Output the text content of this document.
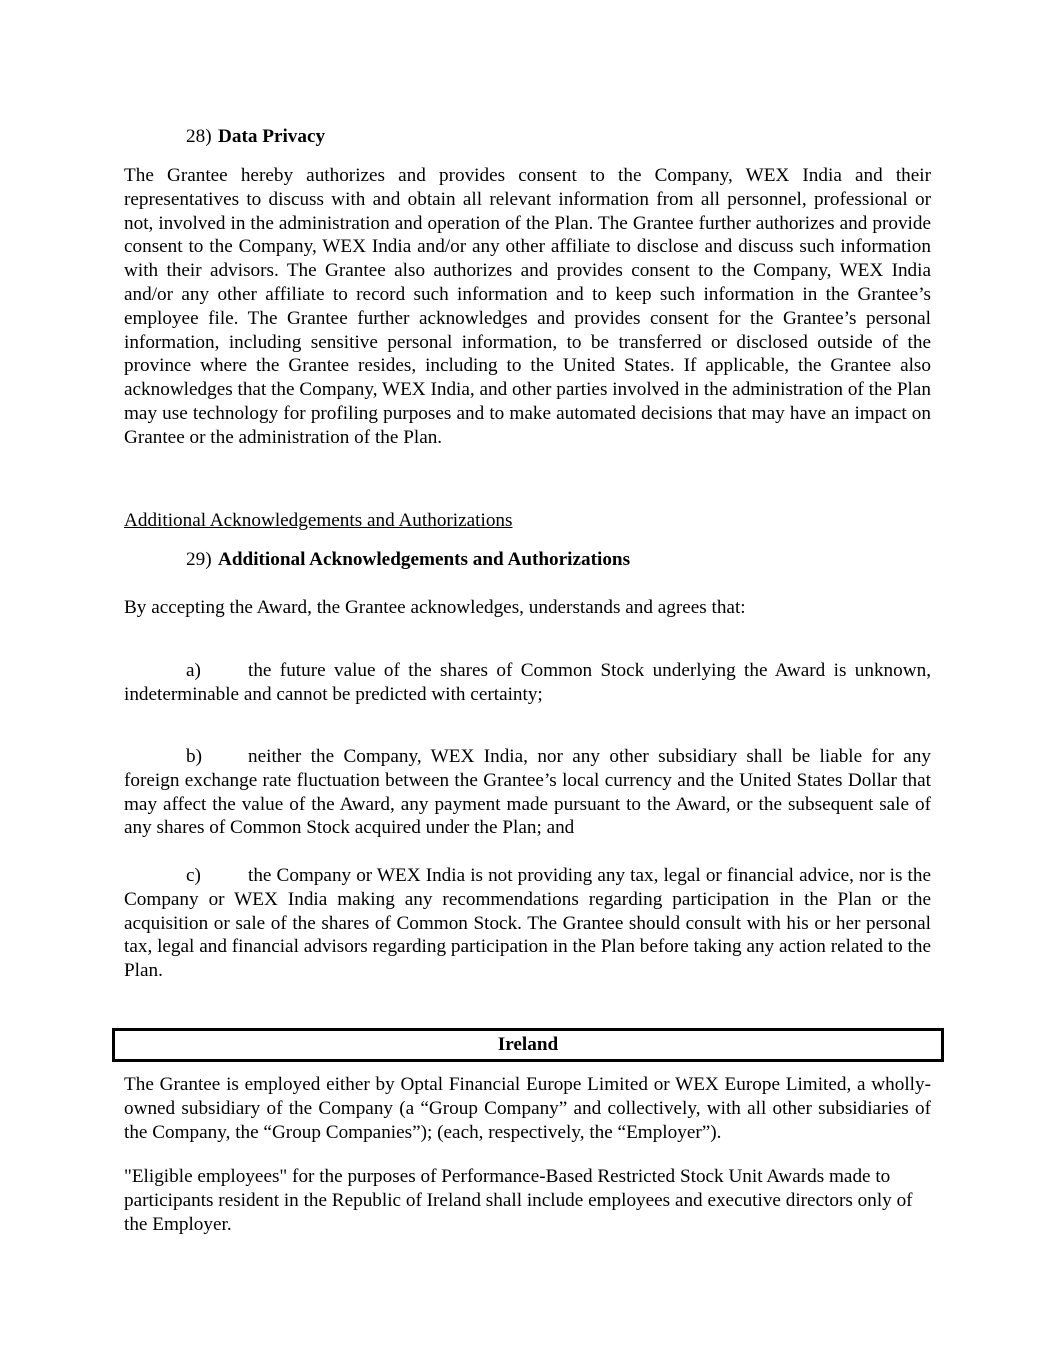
28) Data Privacy
The Grantee hereby authorizes and provides consent to the Company, WEX India and their representatives to discuss with and obtain all relevant information from all personnel, professional or not, involved in the administration and operation of the Plan. The Grantee further authorizes and provide consent to the Company, WEX India and/or any other affiliate to disclose and discuss such information with their advisors. The Grantee also authorizes and provides consent to the Company, WEX India and/or any other affiliate to record such information and to keep such information in the Grantee’s employee file. The Grantee further acknowledges and provides consent for the Grantee’s personal information, including sensitive personal information, to be transferred or disclosed outside of the province where the Grantee resides, including to the United States. If applicable, the Grantee also acknowledges that the Company, WEX India, and other parties involved in the administration of the Plan may use technology for profiling purposes and to make automated decisions that may have an impact on Grantee or the administration of the Plan.
Additional Acknowledgements and Authorizations
29) Additional Acknowledgements and Authorizations
By accepting the Award, the Grantee acknowledges, understands and agrees that:
a) the future value of the shares of Common Stock underlying the Award is unknown, indeterminable and cannot be predicted with certainty;
b) neither the Company, WEX India, nor any other subsidiary shall be liable for any foreign exchange rate fluctuation between the Grantee’s local currency and the United States Dollar that may affect the value of the Award, any payment made pursuant to the Award, or the subsequent sale of any shares of Common Stock acquired under the Plan; and
c) the Company or WEX India is not providing any tax, legal or financial advice, nor is the Company or WEX India making any recommendations regarding participation in the Plan or the acquisition or sale of the shares of Common Stock. The Grantee should consult with his or her personal tax, legal and financial advisors regarding participation in the Plan before taking any action related to the Plan.
Ireland
The Grantee is employed either by Optal Financial Europe Limited or WEX Europe Limited, a wholly-owned subsidiary of the Company (a “Group Company” and collectively, with all other subsidiaries of the Company, the “Group Companies”); (each, respectively, the “Employer”).
"Eligible employees" for the purposes of Performance-Based Restricted Stock Unit Awards made to participants resident in the Republic of Ireland shall include employees and executive directors only of the Employer.
